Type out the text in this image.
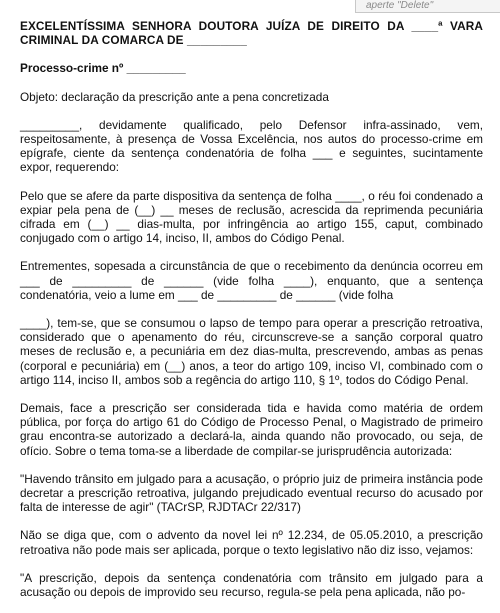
aperte "Delete"

EXCELENTÍSSIMA SENHORA DOUTORA JUÍZA DE DIREITO DA ____ª VARA CRIMINAL DA COMARCA DE _________

Processo-crime nº _________

Objeto: declaração da prescrição ante a pena concretizada

_________, devidamente qualificado, pelo Defensor infra-assinado, vem, respeitosamente, à presença de Vossa Excelência, nos autos do processo-crime em epígrafe, ciente da sentença condenatória de folha ___ e seguintes, sucintamente expor, requerendo:

Pelo que se afere da parte dispositiva da sentença de folha ____, o réu foi condenado a expiar pela pena de (__) __ meses de reclusão, acrescida da reprimenda pecuniária cifrada em (__) __ dias-multa, por infringência ao artigo 155, caput, combinado conjugado com o artigo 14, inciso, II, ambos do Código Penal.

Entrementes, sopesada a circunstância de que o recebimento da denúncia ocorreu em ___ de _________ de ______ (vide folha ____), enquanto, que a sentença condenatória, veio a lume em ___ de _________ de ______ (vide folha

____), tem-se, que se consumou o lapso de tempo para operar a prescrição retroativa, considerado que o apenamento do réu, circunscreve-se a sanção corporal quatro meses de reclusão e, a pecuniária em dez dias-multa, prescrevendo, ambas as penas (corporal e pecuniária) em (__) anos, a teor do artigo 109, inciso VI, combinado com o artigo 114, inciso II, ambos sob a regência do artigo 110, § 1º, todos do Código Penal.

Demais, face a prescrição ser considerada tida e havida como matéria de ordem pública, por força do artigo 61 do Código de Processo Penal, o Magistrado de primeiro grau encontra-se autorizado a declará-la, ainda quando não provocado, ou seja, de ofício. Sobre o tema toma-se a liberdade de compilar-se jurisprudência autorizada:

"Havendo trânsito em julgado para a acusação, o próprio juiz de primeira instância pode decretar a prescrição retroativa, julgando prejudicado eventual recurso do acusado por falta de interesse de agir" (TACrSP, RJDTACr 22/317)

Não se diga que, com o advento da novel lei nº 12.234, de 05.05.2010, a prescrição retroativa não pode mais ser aplicada, porque o texto legislativo não diz isso, vejamos:

"A prescrição, depois da sentença condenatória com trânsito em julgado para a acusação ou depois de improvido seu recurso, regula-se pela pena aplicada, não po-
